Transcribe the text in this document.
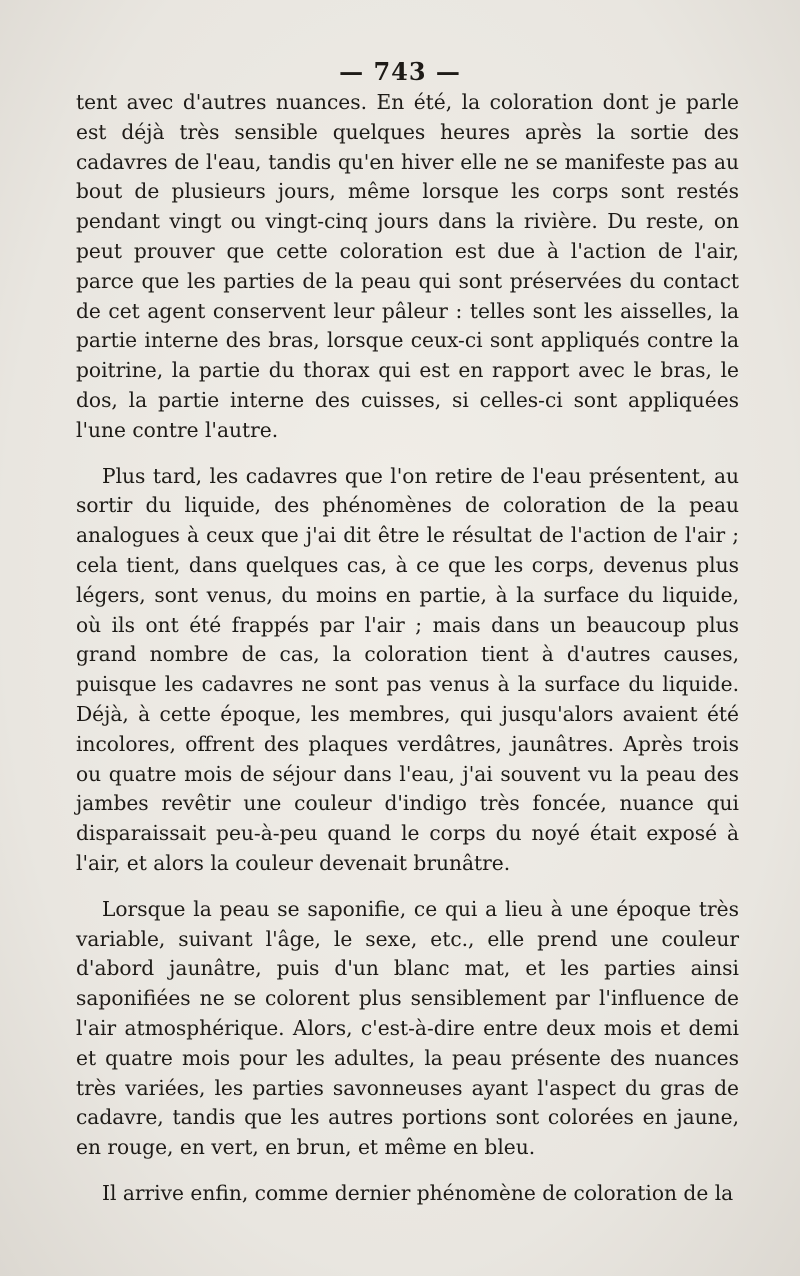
— 743 —

tent avec d'autres nuances. En été, la coloration dont je parle est déjà très sensible quelques heures après la sortie des cadavres de l'eau, tandis qu'en hiver elle ne se manifeste pas au bout de plusieurs jours, même lorsque les corps sont restés pendant vingt ou vingt-cinq jours dans la rivière. Du reste, on peut prouver que cette coloration est due à l'action de l'air, parce que les parties de la peau qui sont préservées du contact de cet agent conservent leur pâleur : telles sont les aisselles, la partie interne des bras, lorsque ceux-ci sont appliqués contre la poitrine, la partie du thorax qui est en rapport avec le bras, le dos, la partie interne des cuisses, si celles-ci sont appliquées l'une contre l'autre.

Plus tard, les cadavres que l'on retire de l'eau présentent, au sortir du liquide, des phénomènes de coloration de la peau analogues à ceux que j'ai dit être le résultat de l'action de l'air ; cela tient, dans quelques cas, à ce que les corps, devenus plus légers, sont venus, du moins en partie, à la surface du liquide, où ils ont été frappés par l'air ; mais dans un beaucoup plus grand nombre de cas, la coloration tient à d'autres causes, puisque les cadavres ne sont pas venus à la surface du liquide. Déjà, à cette époque, les membres, qui jusqu'alors avaient été incolores, offrent des plaques verdâtres, jaunâtres. Après trois ou quatre mois de séjour dans l'eau, j'ai souvent vu la peau des jambes revêtir une couleur d'indigo très foncée, nuance qui disparaissait peu-à-peu quand le corps du noyé était exposé à l'air, et alors la couleur devenait brunâtre.

Lorsque la peau se saponifie, ce qui a lieu à une époque très variable, suivant l'âge, le sexe, etc., elle prend une couleur d'abord jaunâtre, puis d'un blanc mat, et les parties ainsi saponifiées ne se colorent plus sensiblement par l'influence de l'air atmosphérique. Alors, c'est-à-dire entre deux mois et demi et quatre mois pour les adultes, la peau présente des nuances très variées, les parties savonneuses ayant l'aspect du gras de cadavre, tandis que les autres portions sont colorées en jaune, en rouge, en vert, en brun, et même en bleu.

Il arrive enfin, comme dernier phénomène de coloration de la
